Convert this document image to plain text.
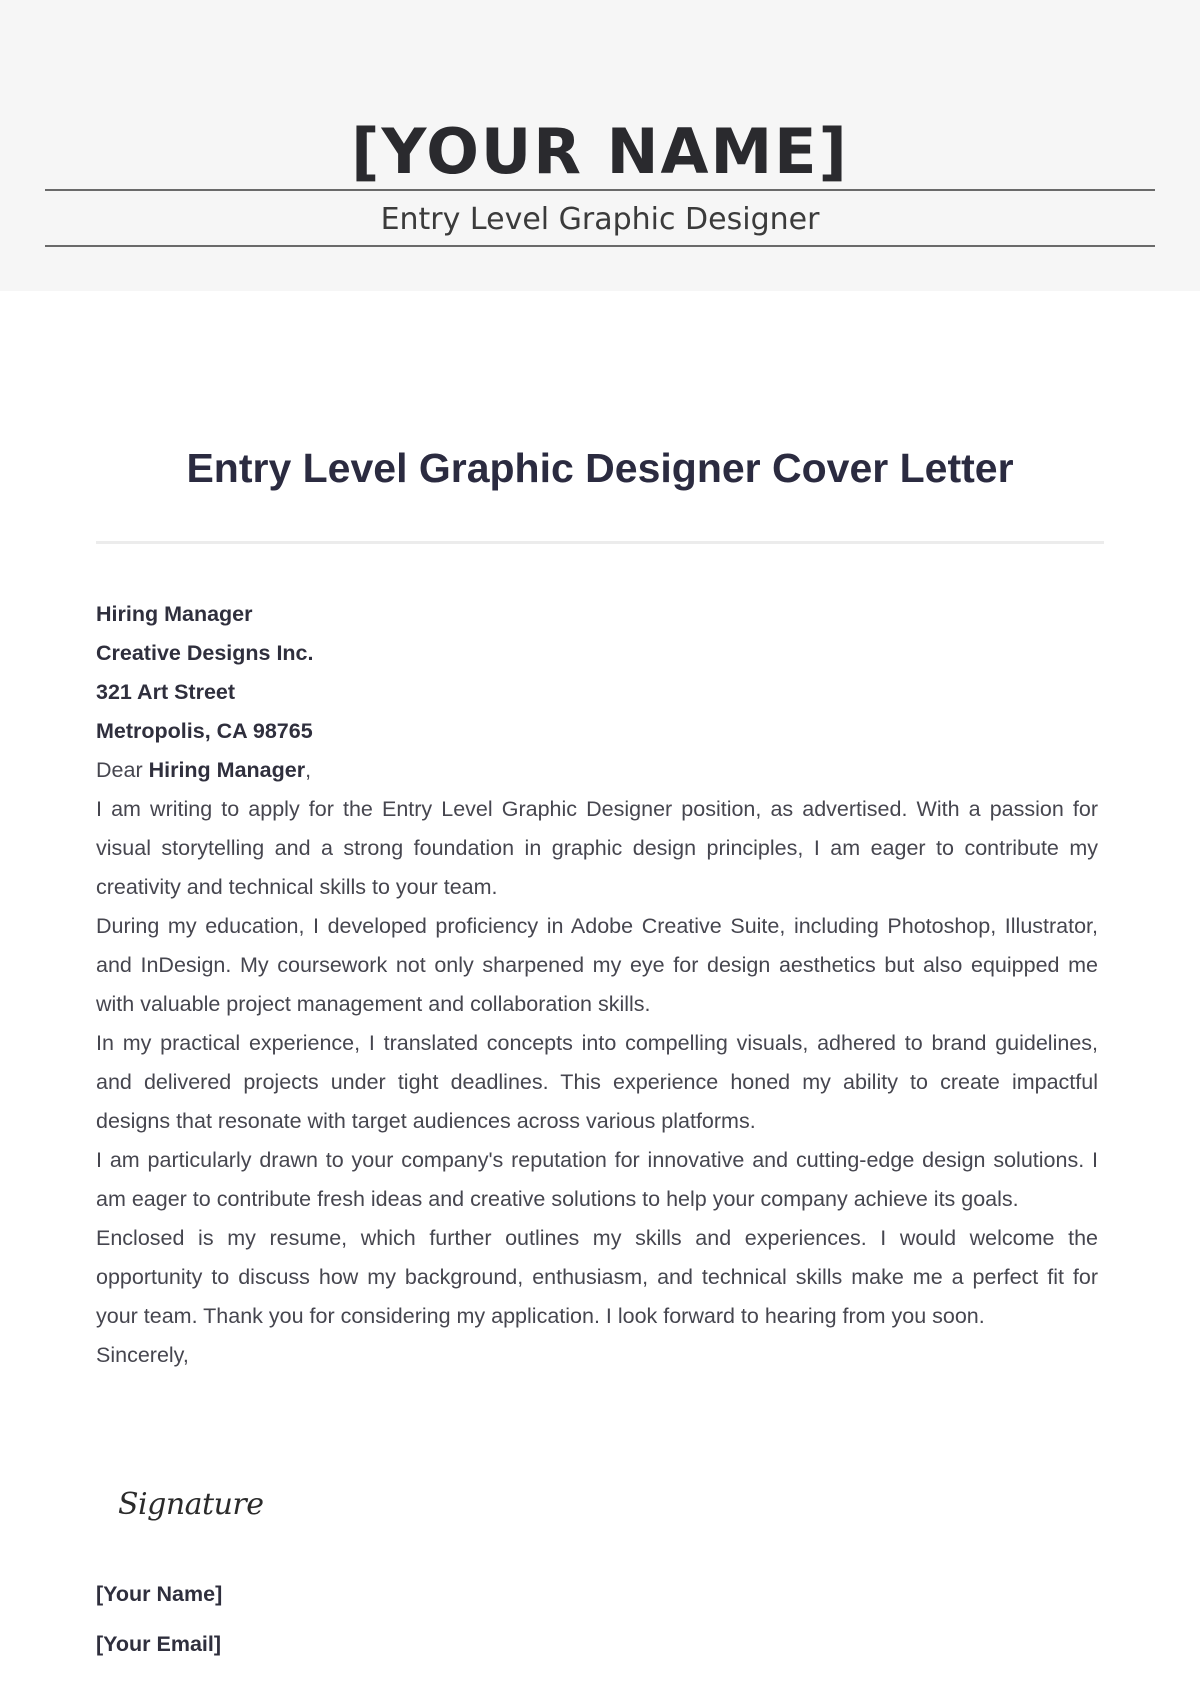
[YOUR NAME]
Entry Level Graphic Designer
Entry Level Graphic Designer Cover Letter
Hiring Manager
Creative Designs Inc.
321 Art Street
Metropolis, CA 98765
Dear Hiring Manager,

I am writing to apply for the Entry Level Graphic Designer position, as advertised. With a passion for visual storytelling and a strong foundation in graphic design principles, I am eager to contribute my creativity and technical skills to your team.

During my education, I developed proficiency in Adobe Creative Suite, including Photoshop, Illustrator, and InDesign. My coursework not only sharpened my eye for design aesthetics but also equipped me with valuable project management and collaboration skills.

In my practical experience, I translated concepts into compelling visuals, adhered to brand guidelines, and delivered projects under tight deadlines. This experience honed my ability to create impactful designs that resonate with target audiences across various platforms.

I am particularly drawn to your company's reputation for innovative and cutting-edge design solutions. I am eager to contribute fresh ideas and creative solutions to help your company achieve its goals.

Enclosed is my resume, which further outlines my skills and experiences. I would welcome the opportunity to discuss how my background, enthusiasm, and technical skills make me a perfect fit for your team. Thank you for considering my application. I look forward to hearing from you soon.

Sincerely,
Signature
[Your Name]
[Your Email]
